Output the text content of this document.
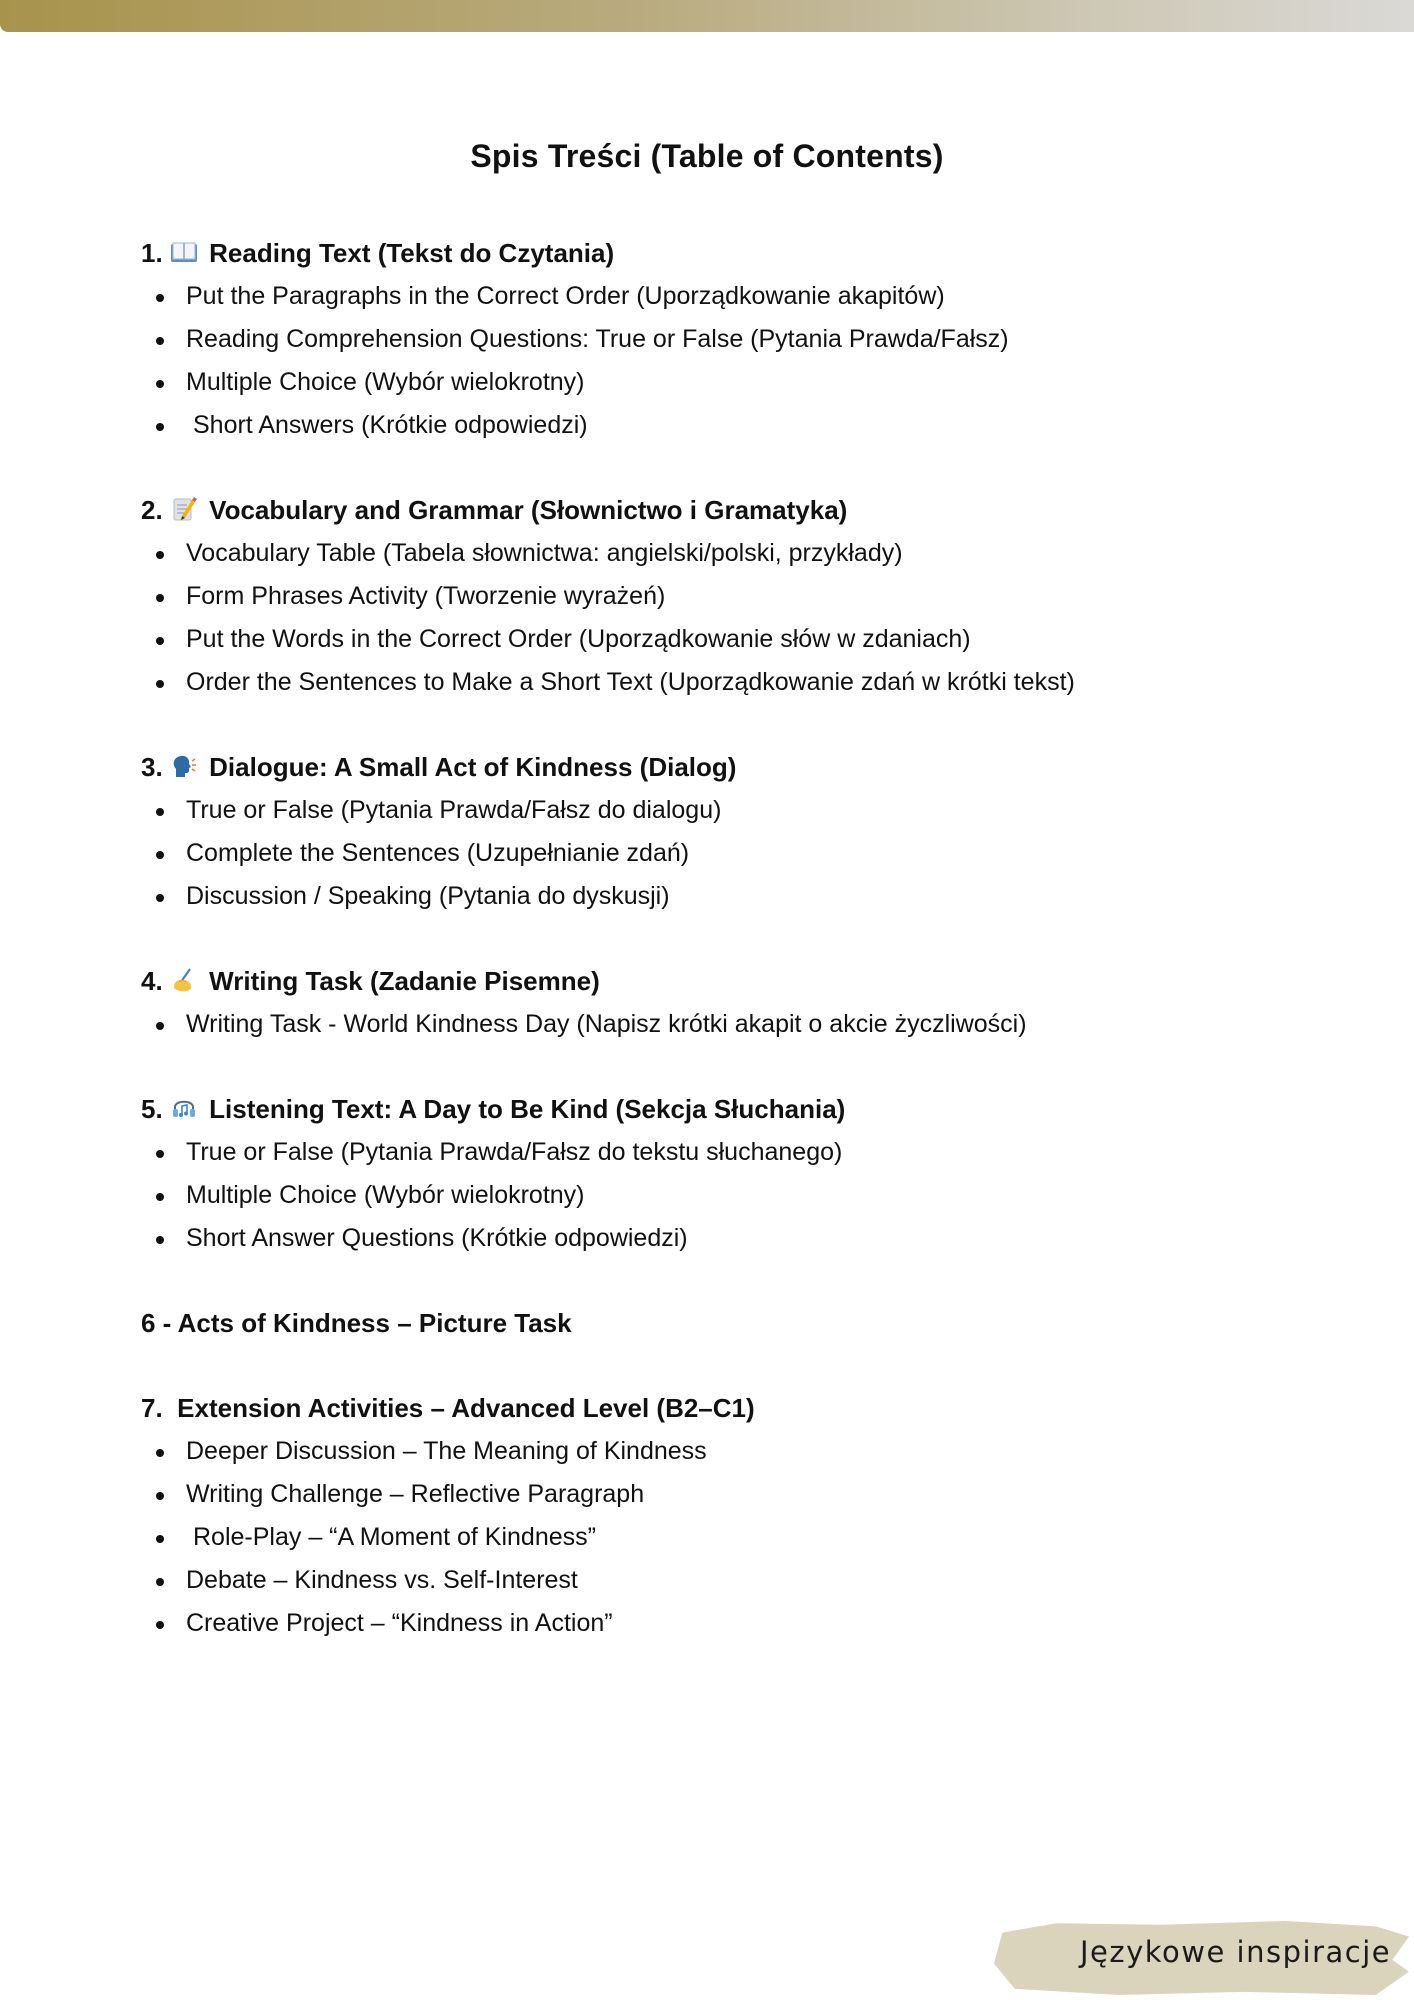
Spis Treści (Table of Contents)
1. Reading Text (Tekst do Czytania)
Put the Paragraphs in the Correct Order (Uporządkowanie akapitów)
Reading Comprehension Questions: True or False (Pytania Prawda/Fałsz)
Multiple Choice (Wybór wielokrotny)
Short Answers (Krótkie odpowiedzi)
2. Vocabulary and Grammar (Słownictwo i Gramatyka)
Vocabulary Table (Tabela słownictwa: angielski/polski, przykłady)
Form Phrases Activity (Tworzenie wyrażeń)
Put the Words in the Correct Order (Uporządkowanie słów w zdaniach)
Order the Sentences to Make a Short Text (Uporządkowanie zdań w krótki tekst)
3. Dialogue: A Small Act of Kindness (Dialog)
True or False (Pytania Prawda/Fałsz do dialogu)
Complete the Sentences (Uzupełnianie zdań)
Discussion / Speaking (Pytania do dyskusji)
4. Writing Task (Zadanie Pisemne)
Writing Task - World Kindness Day (Napisz krótki akapit o akcie życzliwości)
5. Listening Text: A Day to Be Kind (Sekcja Słuchania)
True or False (Pytania Prawda/Fałsz do tekstu słuchanego)
Multiple Choice (Wybór wielokrotny)
Short Answer Questions (Krótkie odpowiedzi)
6 - Acts of Kindness – Picture Task
7.  Extension Activities – Advanced Level (B2–C1)
Deeper Discussion – The Meaning of Kindness
Writing Challenge – Reflective Paragraph
Role-Play – “A Moment of Kindness”
Debate – Kindness vs. Self-Interest
Creative Project – “Kindness in Action”
Językowe inspiracje
